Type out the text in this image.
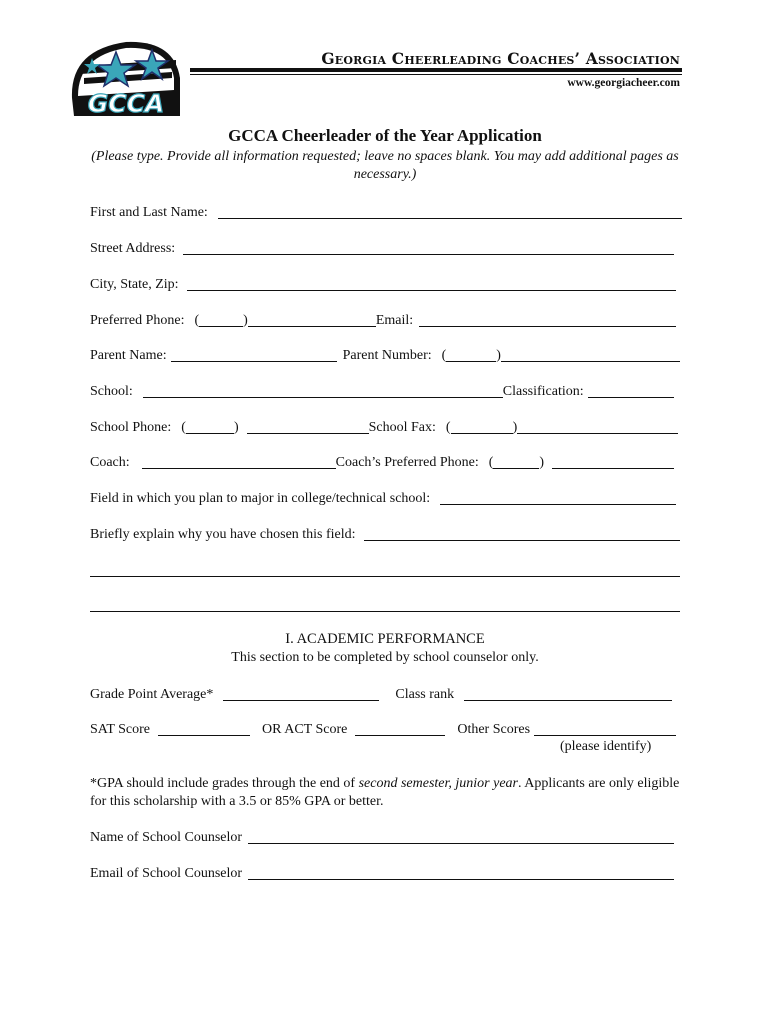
GCCA
Georgia Cheerleading Coaches’ Association
www.georgiacheer.com
GCCA Cheerleader of the Year Application
(Please type. Provide all information requested; leave no spaces blank. You may add additional pages as necessary.)
First and Last Name:
Street Address:
City, State, Zip:
Preferred Phone: (	)	Email:
Parent Name:	Parent Number: (	)
School:	Classification:
School Phone: (	)	School Fax: (	)
Coach:	Coach’s Preferred Phone: (	)
Field in which you plan to major in college/technical school:
Briefly explain why you have chosen this field:
I. ACADEMIC PERFORMANCE
This section to be completed by school counselor only.
Grade Point Average*	Class rank
SAT Score	OR ACT Score	Other Scores
(please identify)
*GPA should include grades through the end of second semester, junior year. Applicants are only eligible for this scholarship with a 3.5 or 85% GPA or better.
Name of School Counselor
Email of School Counselor
